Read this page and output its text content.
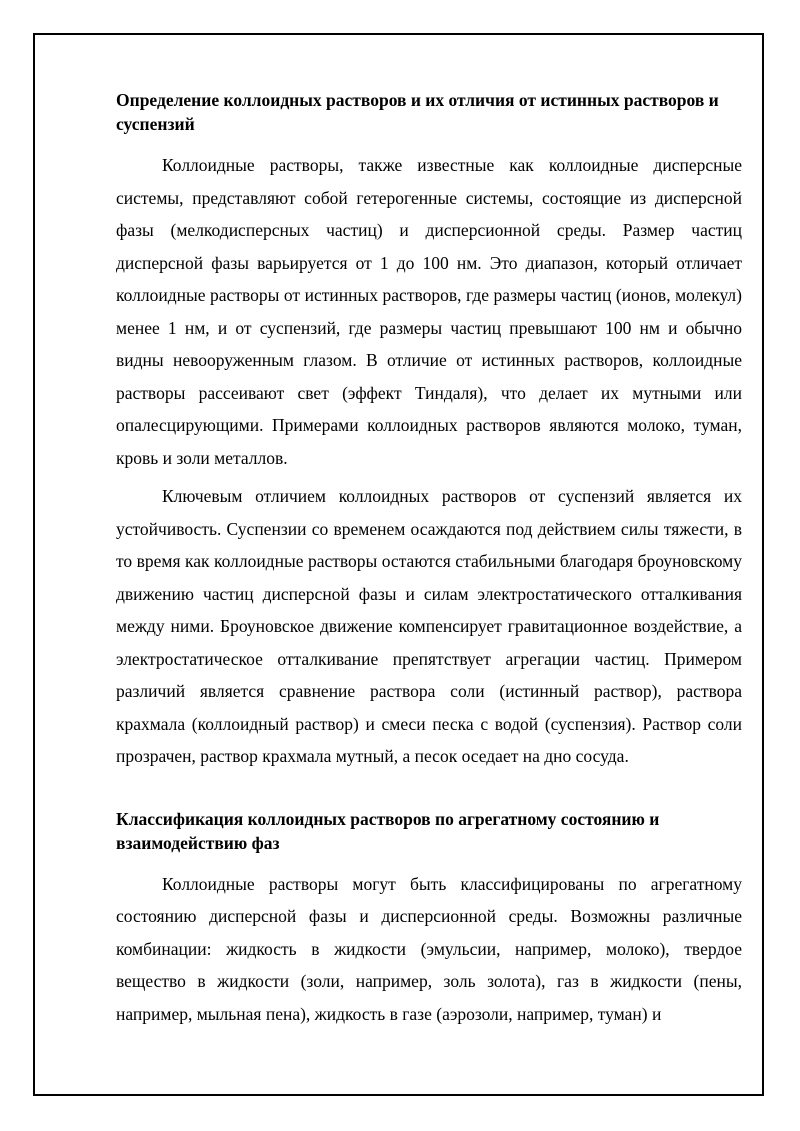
Определение коллоидных растворов и их отличия от истинных растворов и суспензий

Коллоидные растворы, также известные как коллоидные дисперсные системы, представляют собой гетерогенные системы, состоящие из дисперсной фазы (мелкодисперсных частиц) и дисперсионной среды. Размер частиц дисперсной фазы варьируется от 1 до 100 нм. Это диапазон, который отличает коллоидные растворы от истинных растворов, где размеры частиц (ионов, молекул) менее 1 нм, и от суспензий, где размеры частиц превышают 100 нм и обычно видны невооруженным глазом. В отличие от истинных растворов, коллоидные растворы рассеивают свет (эффект Тиндаля), что делает их мутными или опалесцирующими. Примерами коллоидных растворов являются молоко, туман, кровь и золи металлов.

Ключевым отличием коллоидных растворов от суспензий является их устойчивость. Суспензии со временем осаждаются под действием силы тяжести, в то время как коллоидные растворы остаются стабильными благодаря броуновскому движению частиц дисперсной фазы и силам электростатического отталкивания между ними. Броуновское движение компенсирует гравитационное воздействие, а электростатическое отталкивание препятствует агрегации частиц. Примером различий является сравнение раствора соли (истинный раствор), раствора крахмала (коллоидный раствор) и смеси песка с водой (суспензия). Раствор соли прозрачен, раствор крахмала мутный, а песок оседает на дно сосуда.

Классификация коллоидных растворов по агрегатному состоянию и взаимодействию фаз

Коллоидные растворы могут быть классифицированы по агрегатному состоянию дисперсной фазы и дисперсионной среды. Возможны различные комбинации: жидкость в жидкости (эмульсии, например, молоко), твердое вещество в жидкости (золи, например, золь золота), газ в жидкости (пены, например, мыльная пена), жидкость в газе (аэрозоли, например, туман) и
